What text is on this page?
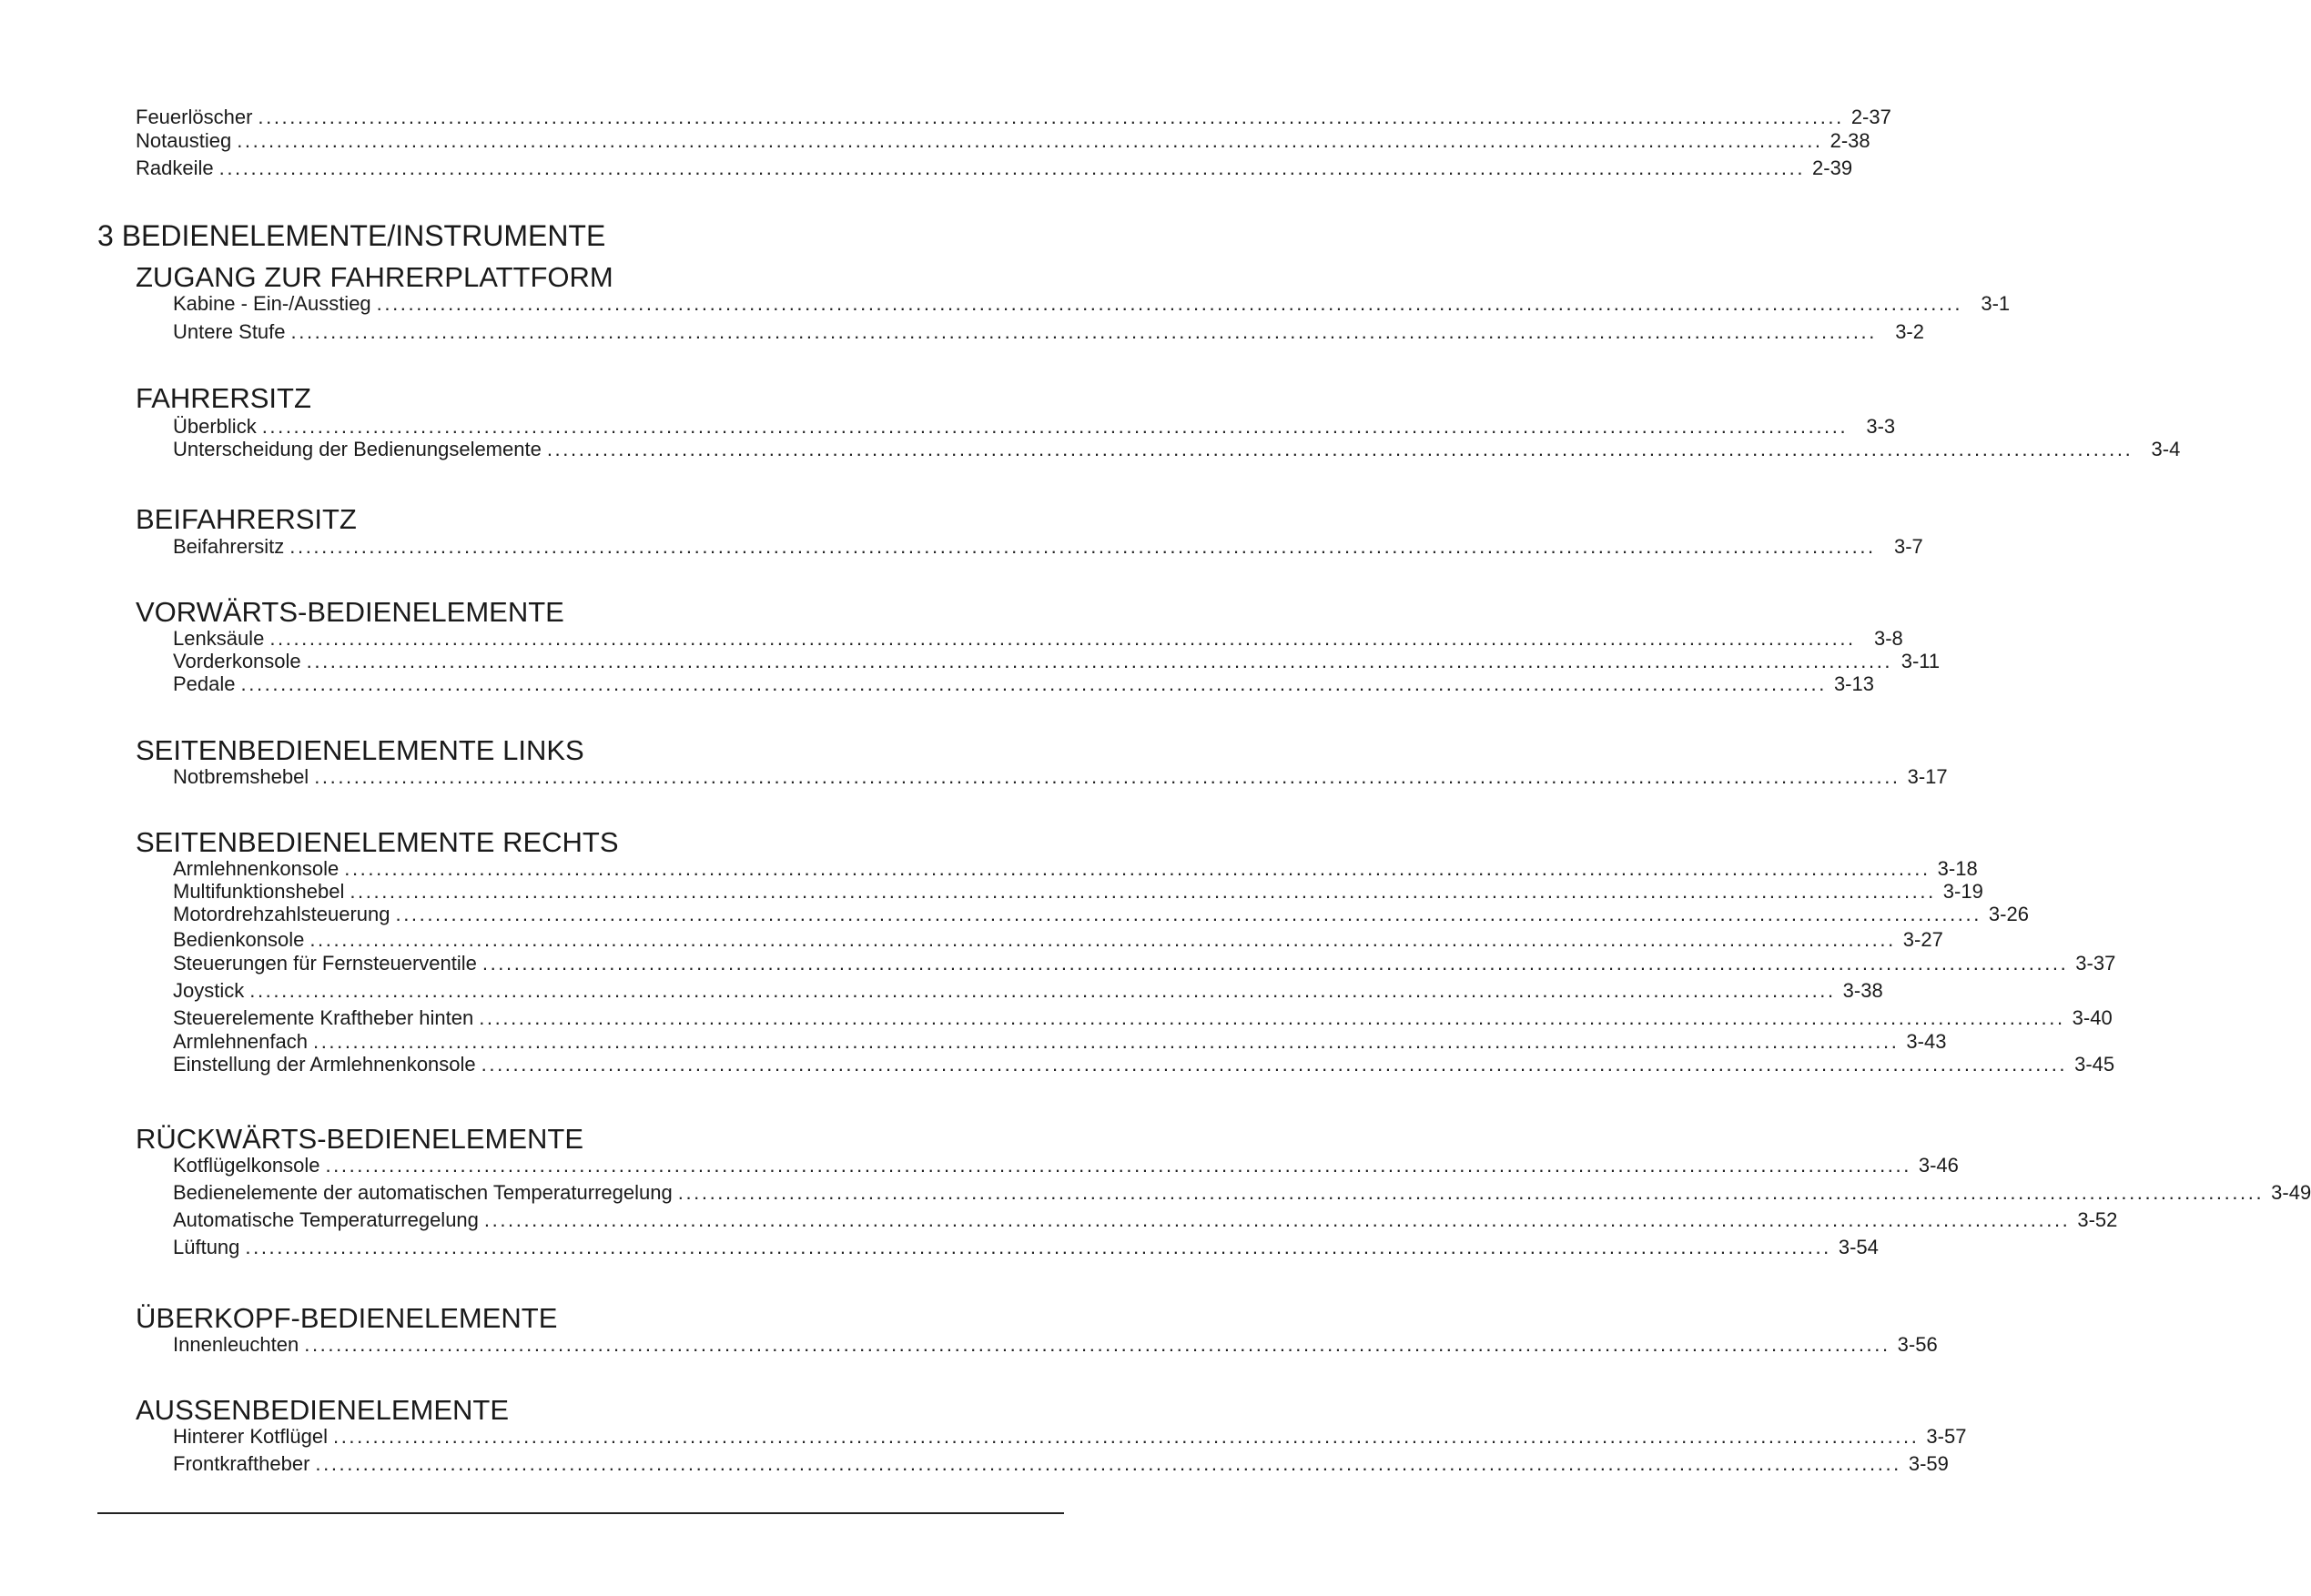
Feuerlöscher ........................................................................................................................................................................................................ 2-37
Notaustieg ........................................................................................................................................................................................................ 2-38
Radkeile ........................................................................................................................................................................................................ 2-39
3 BEDIENELEMENTE/INSTRUMENTE
ZUGANG ZUR FAHRERPLATTFORM
Kabine - Ein-/Ausstieg ........................................................................................................................................................................................................ 3-1
Untere Stufe ........................................................................................................................................................................................................ 3-2
FAHRERSITZ
Überblick ........................................................................................................................................................................................................ 3-3
Unterscheidung der Bedienungselemente ........................................................................................................................................................................................................ 3-4
BEIFAHRERSITZ
Beifahrersitz ........................................................................................................................................................................................................ 3-7
VORWÄRTS-BEDIENELEMENTE
Lenksäule ........................................................................................................................................................................................................ 3-8
Vorderkonsole ........................................................................................................................................................................................................ 3-11
Pedale ........................................................................................................................................................................................................ 3-13
SEITENBEDIENELEMENTE LINKS
Notbremshebel ........................................................................................................................................................................................................ 3-17
SEITENBEDIENELEMENTE RECHTS
Armlehnenkonsole ........................................................................................................................................................................................................ 3-18
Multifunktionshebel ........................................................................................................................................................................................................ 3-19
Motordrehzahlsteuerung ........................................................................................................................................................................................................ 3-26
Bedienkonsole ........................................................................................................................................................................................................ 3-27
Steuerungen für Fernsteuerventile ........................................................................................................................................................................................................ 3-37
Joystick ........................................................................................................................................................................................................ 3-38
Steuerelemente Kraftheber hinten ........................................................................................................................................................................................................ 3-40
Armlehnenfach ........................................................................................................................................................................................................ 3-43
Einstellung der Armlehnenkonsole ........................................................................................................................................................................................................ 3-45
RÜCKWÄRTS-BEDIENELEMENTE
Kotflügelkonsole ........................................................................................................................................................................................................ 3-46
Bedienelemente der automatischen Temperaturregelung ........................................................................................................................................................................................................ 3-49
Automatische Temperaturregelung ........................................................................................................................................................................................................ 3-52
Lüftung ........................................................................................................................................................................................................ 3-54
ÜBERKOPF-BEDIENELEMENTE
Innenleuchten ........................................................................................................................................................................................................ 3-56
AUSSENBEDIENELEMENTE
Hinterer Kotflügel ........................................................................................................................................................................................................ 3-57
Frontkraftheber ........................................................................................................................................................................................................ 3-59
